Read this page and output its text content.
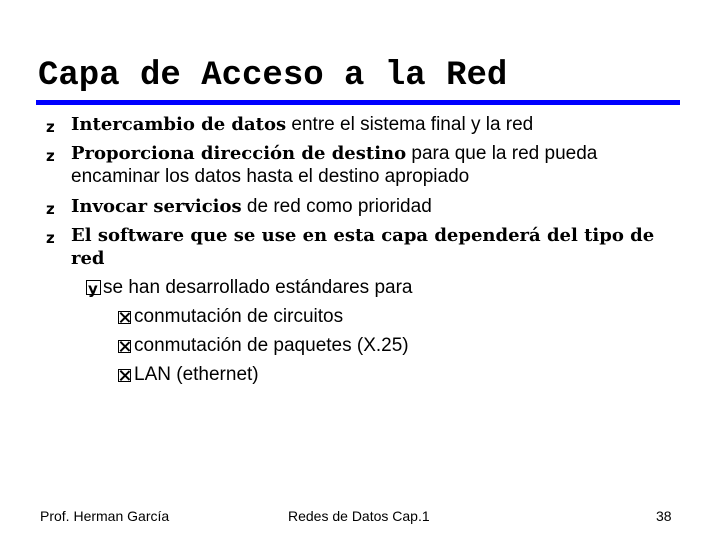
Capa de Acceso a la Red
z Intercambio de datos entre el sistema final y la red
z Proporciona dirección de destino para que la red pueda
encaminar los datos hasta el destino apropiado
z Invocar servicios de red como prioridad
z El software que se use en esta capa dependerá del tipo de
red
y se han desarrollado estándares para
conmutación de circuitos
conmutación de paquetes (X.25)
LAN (ethernet)
Prof. Herman García	Redes de Datos Cap.1	38
